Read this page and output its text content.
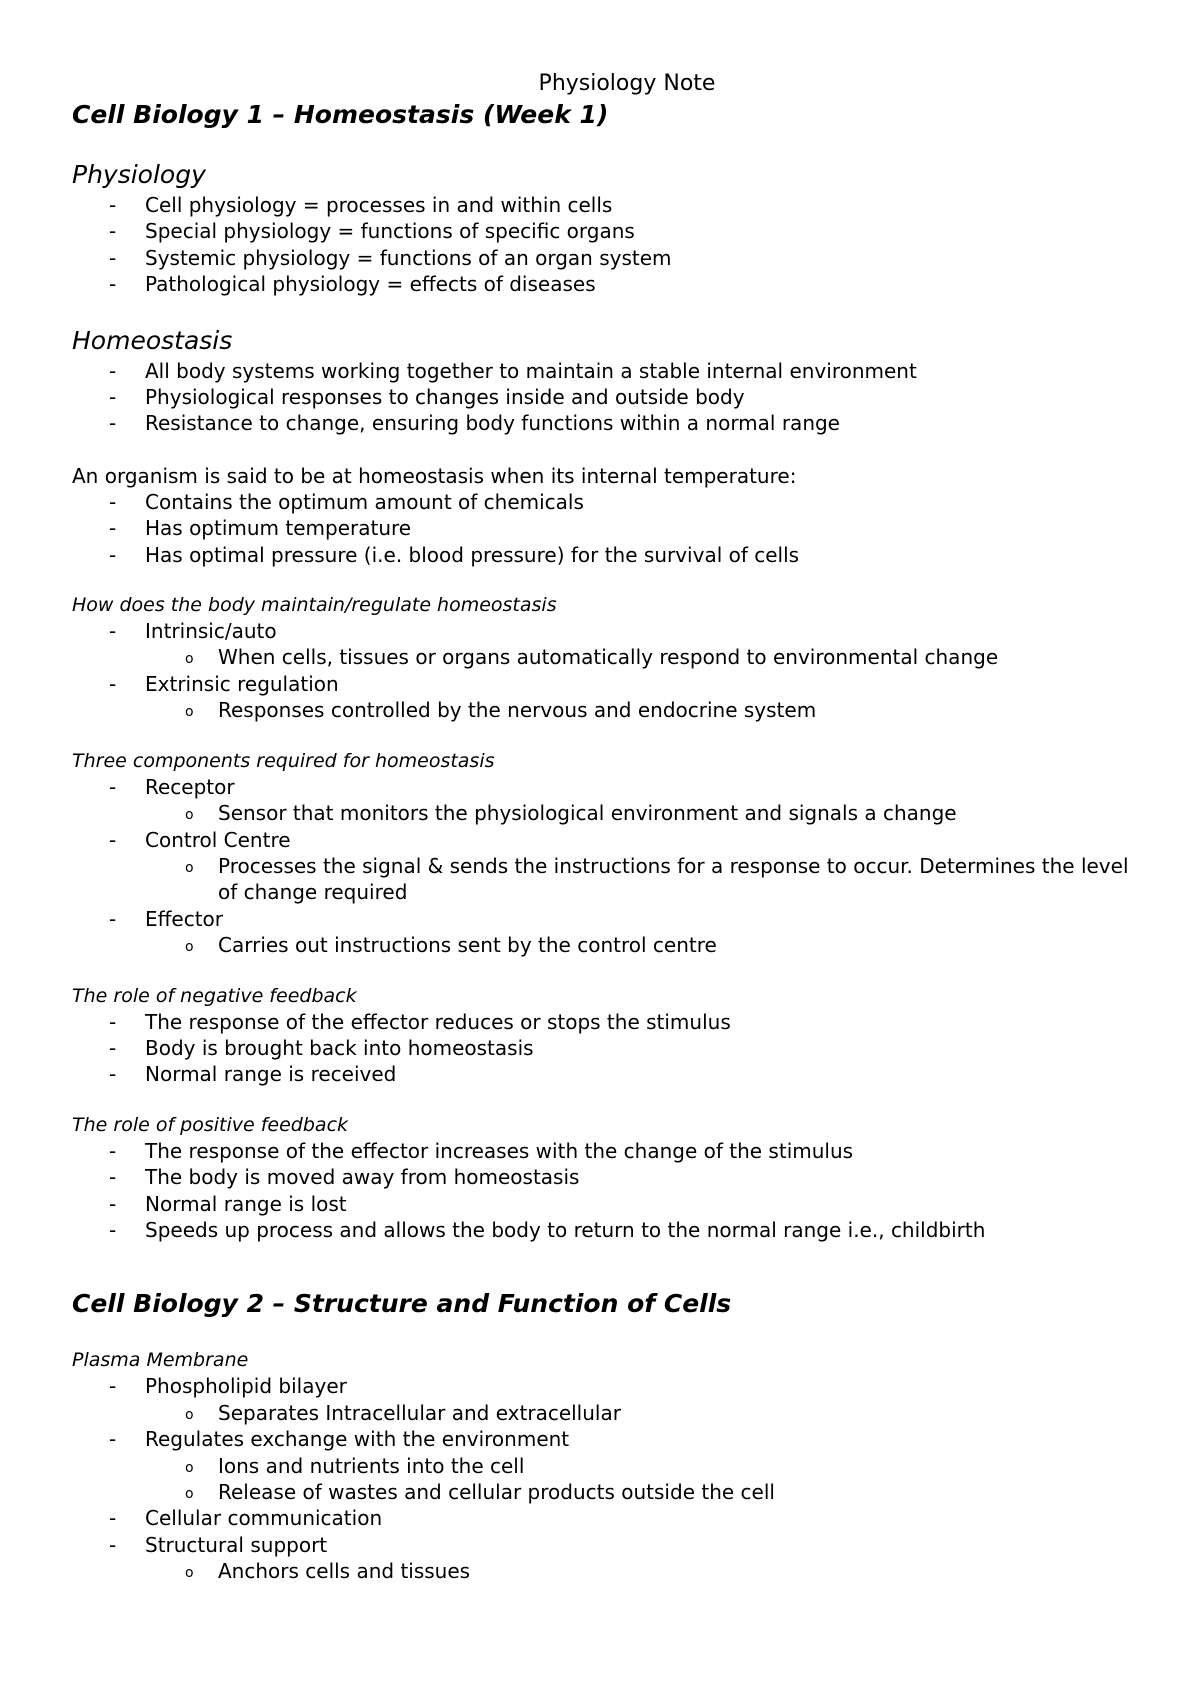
Physiology Note

Cell Biology 1 – Homeostasis (Week 1)

Physiology

- Cell physiology = processes in and within cells
- Special physiology = functions of specific organs
- Systemic physiology = functions of an organ system
- Pathological physiology = effects of diseases

Homeostasis

- All body systems working together to maintain a stable internal environment
- Physiological responses to changes inside and outside body
- Resistance to change, ensuring body functions within a normal range

An organism is said to be at homeostasis when its internal temperature:

- Contains the optimum amount of chemicals
- Has optimum temperature
- Has optimal pressure (i.e. blood pressure) for the survival of cells

How does the body maintain/regulate homeostasis

- Intrinsic/auto
o When cells, tissues or organs automatically respond to environmental change
- Extrinsic regulation
o Responses controlled by the nervous and endocrine system

Three components required for homeostasis

- Receptor
o Sensor that monitors the physiological environment and signals a change
- Control Centre
o Processes the signal & sends the instructions for a response to occur. Determines the level of change required
- Effector
o Carries out instructions sent by the control centre

The role of negative feedback

- The response of the effector reduces or stops the stimulus
- Body is brought back into homeostasis
- Normal range is received

The role of positive feedback

- The response of the effector increases with the change of the stimulus
- The body is moved away from homeostasis
- Normal range is lost
- Speeds up process and allows the body to return to the normal range i.e., childbirth

Cell Biology 2 – Structure and Function of Cells

Plasma Membrane

- Phospholipid bilayer
o Separates Intracellular and extracellular
- Regulates exchange with the environment
o Ions and nutrients into the cell
o Release of wastes and cellular products outside the cell
- Cellular communication
- Structural support
o Anchors cells and tissues
